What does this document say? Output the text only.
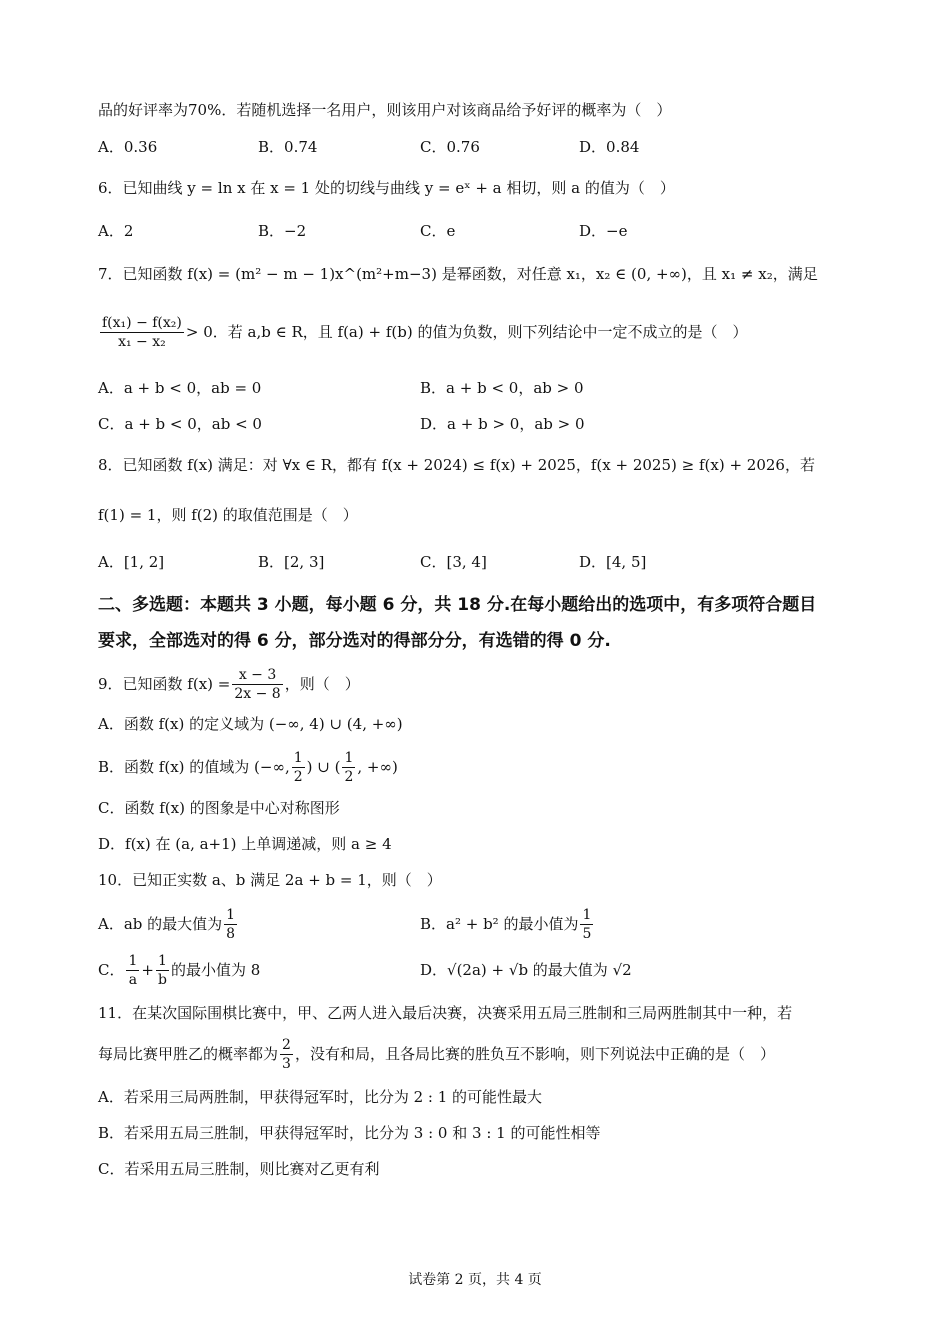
品的好评率为70%．若随机选择一名用户，则该用户对该商品给予好评的概率为（　）
A．0.36	B．0.74	C．0.76	D．0.84
6．已知曲线 y = ln x 在 x = 1 处的切线与曲线 y = eˣ + a 相切，则 a 的值为（　）
A．2	B．−2	C．e	D．−e
7．已知函数 f(x) = (m² − m − 1)x^(m²+m−3) 是幂函数，对任意 x₁，x₂ ∈ (0, +∞)，且 x₁ ≠ x₂，满足
$\frac{\text{f(x₁) − f(x₂)}}{\text{x₁ − x₂}} > 0$．若 a,b ∈ R，且 f(a) + f(b) 的值为负数，则下列结论中一定不成立的是（　）
A．a + b < 0，ab = 0	B．a + b < 0，ab > 0
C．a + b < 0，ab < 0	D．a + b > 0，ab > 0
8．已知函数 f(x) 满足：对 ∀x ∈ R，都有 f(x + 2024) ≤ f(x) + 2025，f(x + 2025) ≥ f(x) + 2026，若
f(1) = 1，则 f(2) 的取值范围是（　）
A．[1, 2]	B．[2, 3]	C．[3, 4]	D．[4, 5]
二、多选题：本题共 3 小题，每小题 6 分，共 18 分.在每小题给出的选项中，有多项符合题目
要求，全部选对的得 6 分，部分选对的得部分分，有选错的得 0 分.
9．已知函数 $f(x) = \frac{x - 3}{2x - 8}$ ，则（　）
A．函数 f(x) 的定义域为 (−∞, 4) ∪ (4, +∞)
B．函数 f(x) 的值域为 (−∞, $\frac{1}{2}$ ) ∪ ( $\frac{1}{2}$ , +∞)
C．函数 f(x) 的图象是中心对称图形
D．f(x) 在 (a, a+1) 上单调递减，则 a ≥ 4
10．已知正实数 a、b 满足 2a + b = 1，则（　）
A．ab 的最大值为 $\frac{1}{8}$	B．a² + b² 的最小值为 $\frac{1}{5}$
C． $\frac{1}{a} + \frac{1}{b}$ 的最小值为 8	D．√(2a) + √b 的最大值为 √2
11．在某次国际围棋比赛中，甲、乙两人进入最后决赛，决赛采用五局三胜制和三局两胜制其中一种，若
每局比赛甲胜乙的概率都为 $\frac{2}{3}$ ，没有和局，且各局比赛的胜负互不影响，则下列说法中正确的是（　）
A．若采用三局两胜制，甲获得冠军时，比分为 2 : 1 的可能性最大
B．若采用五局三胜制，甲获得冠军时，比分为 3 : 0 和 3 : 1 的可能性相等
C．若采用五局三胜制，则比赛对乙更有利
试卷第 2 页，共 4 页
